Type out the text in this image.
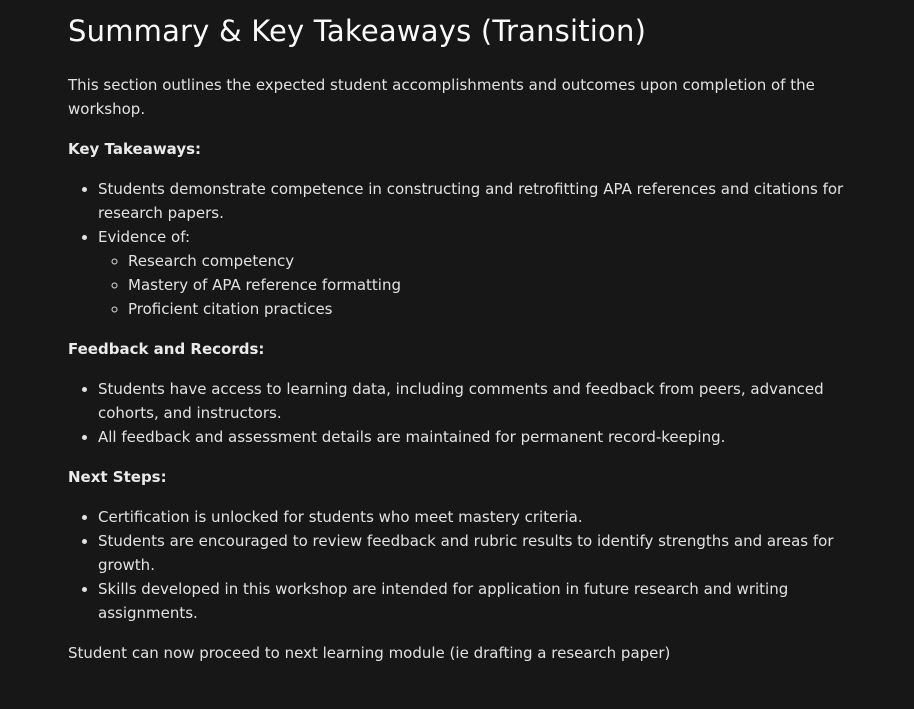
Summary & Key Takeaways (Transition)

This section outlines the expected student accomplishments and outcomes upon completion of the workshop.

Key Takeaways:

• Students demonstrate competence in constructing and retrofitting APA references and citations for research papers.
• Evidence of:
◦ Research competency
◦ Mastery of APA reference formatting
◦ Proficient citation practices

Feedback and Records:

• Students have access to learning data, including comments and feedback from peers, advanced cohorts, and instructors.
• All feedback and assessment details are maintained for permanent record-keeping.

Next Steps:

• Certification is unlocked for students who meet mastery criteria.
• Students are encouraged to review feedback and rubric results to identify strengths and areas for growth.
• Skills developed in this workshop are intended for application in future research and writing assignments.

Student can now proceed to next learning module (ie drafting a research paper)
